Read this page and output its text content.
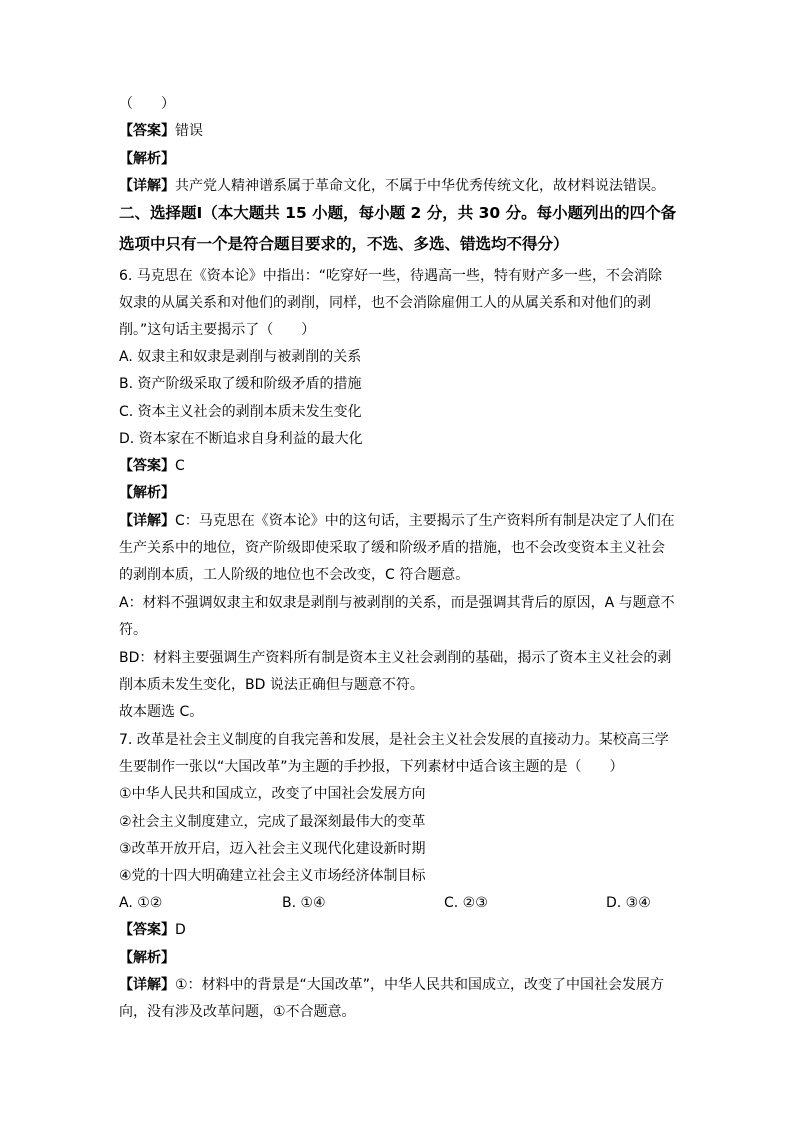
（　　）
【答案】错误
【解析】
【详解】共产党人精神谱系属于革命文化，不属于中华优秀传统文化，故材料说法错误。
二、选择题Ⅰ（本大题共 15 小题，每小题 2 分，共 30 分。每小题列出的四个备
选项中只有一个是符合题目要求的，不选、多选、错选均不得分）
6. 马克思在《资本论》中指出：“吃穿好一些，待遇高一些，特有财产多一些，不会消除
奴隶的从属关系和对他们的剥削，同样，也不会消除雇佣工人的从属关系和对他们的剥
削。”这句话主要揭示了（　　）
A. 奴隶主和奴隶是剥削与被剥削的关系
B. 资产阶级采取了缓和阶级矛盾的措施
C. 资本主义社会的剥削本质未发生变化
D. 资本家在不断追求自身利益的最大化
【答案】C
【解析】
【详解】C：马克思在《资本论》中的这句话，主要揭示了生产资料所有制是决定了人们在
生产关系中的地位，资产阶级即使采取了缓和阶级矛盾的措施，也不会改变资本主义社会
的剥削本质，工人阶级的地位也不会改变，C 符合题意。
A：材料不强调奴隶主和奴隶是剥削与被剥削的关系，而是强调其背后的原因，A 与题意不
符。
BD：材料主要强调生产资料所有制是资本主义社会剥削的基础，揭示了资本主义社会的剥
削本质未发生变化，BD 说法正确但与题意不符。
故本题选 C。
7. 改革是社会主义制度的自我完善和发展，是社会主义社会发展的直接动力。某校高三学
生要制作一张以“大国改革”为主题的手抄报，下列素材中适合该主题的是（　　）
①中华人民共和国成立，改变了中国社会发展方向
②社会主义制度建立，完成了最深刻最伟大的变革
③改革开放开启，迈入社会主义现代化建设新时期
④党的十四大明确建立社会主义市场经济体制目标
A. ①②	B. ①④	C. ②③	D. ③④
【答案】D
【解析】
【详解】①：材料中的背景是“大国改革”，中华人民共和国成立，改变了中国社会发展方
向，没有涉及改革问题，①不合题意。
